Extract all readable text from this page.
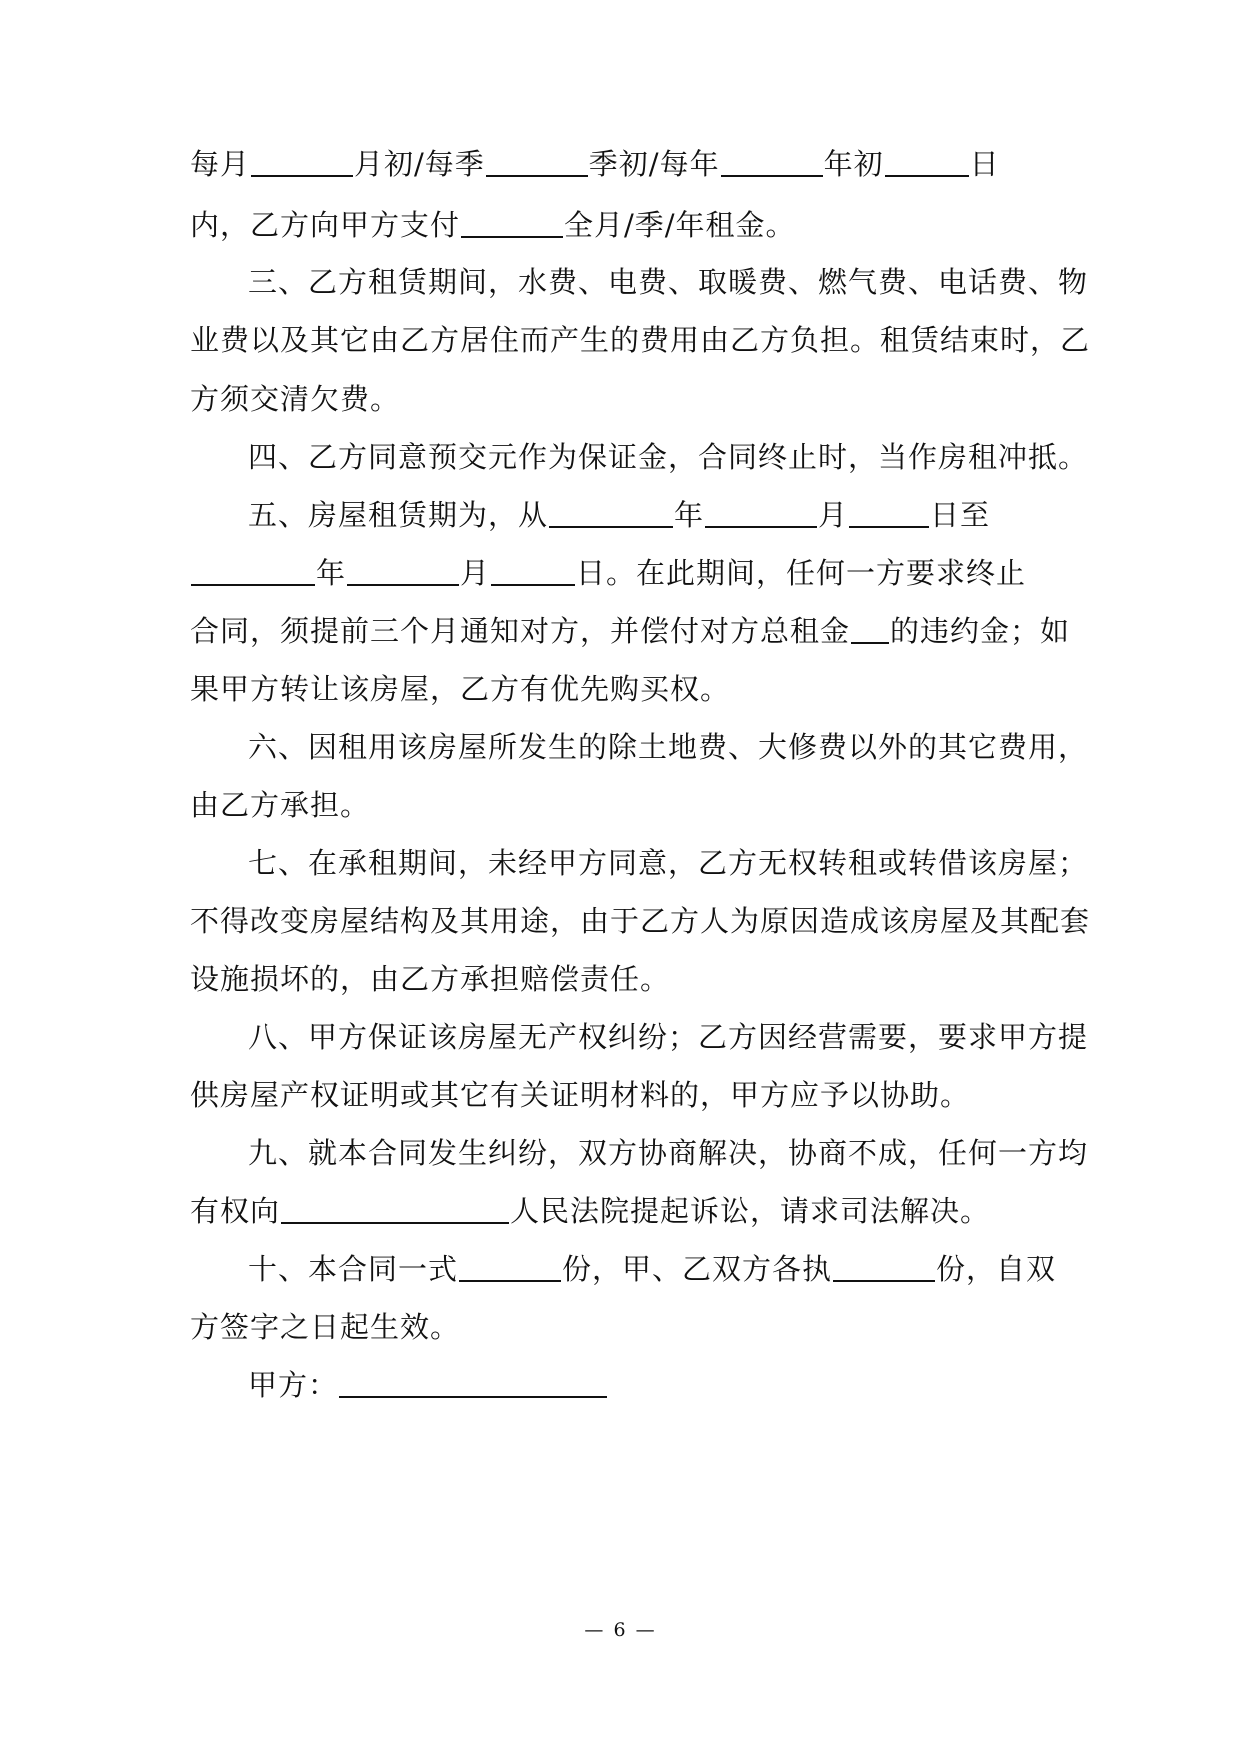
每月	月初/每季	季初/每年	年初	日
内，乙方向甲方支付	全月/季/年租金。
三、乙方租赁期间，水费、电费、取暖费、燃气费、电话费、物
业费以及其它由乙方居住而产生的费用由乙方负担。租赁结束时，乙
方须交清欠费。
四、乙方同意预交元作为保证金，合同终止时，当作房租冲抵。
五、房屋租赁期为，从	年	月	日至
年	月	日。在此期间，任何一方要求终止
合同，须提前三个月通知对方，并偿付对方总租金 的违约金；如
果甲方转让该房屋，乙方有优先购买权。
六、因租用该房屋所发生的除土地费、大修费以外的其它费用，
由乙方承担。
七、在承租期间，未经甲方同意，乙方无权转租或转借该房屋；
不得改变房屋结构及其用途，由于乙方人为原因造成该房屋及其配套
设施损坏的，由乙方承担赔偿责任。
八、甲方保证该房屋无产权纠纷；乙方因经营需要，要求甲方提
供房屋产权证明或其它有关证明材料的，甲方应予以协助。
九、就本合同发生纠纷，双方协商解决，协商不成，任何一方均
有权向	人民法院提起诉讼，请求司法解决。
十、本合同一式	份，甲、乙双方各执	份，自双
方签字之日起生效。
甲方：
— 6 —
